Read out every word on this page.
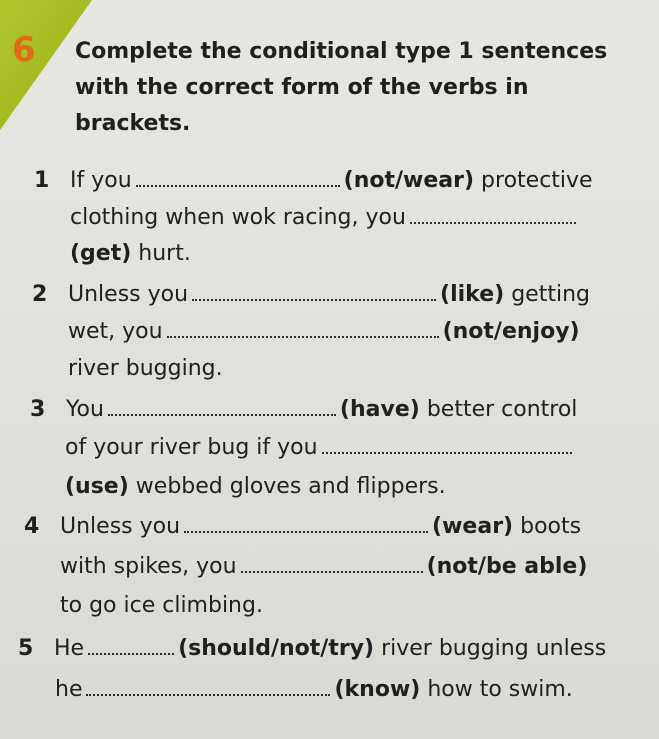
6 Complete the conditional type 1 sentences
with the correct form of the verbs in
brackets.
1 If you	(not/wear) protective
clothing when wok racing, you
(get) hurt.
2 Unless you	(like) getting
wet, you	(not/enjoy)
river bugging.
3 You	(have) better control
of your river bug if you
(use) webbed gloves and flippers.
4 Unless you	(wear) boots
with spikes, you	(not/be able)
to go ice climbing.
5 He	(should/not/try) river bugging unless
he	(know) how to swim.
